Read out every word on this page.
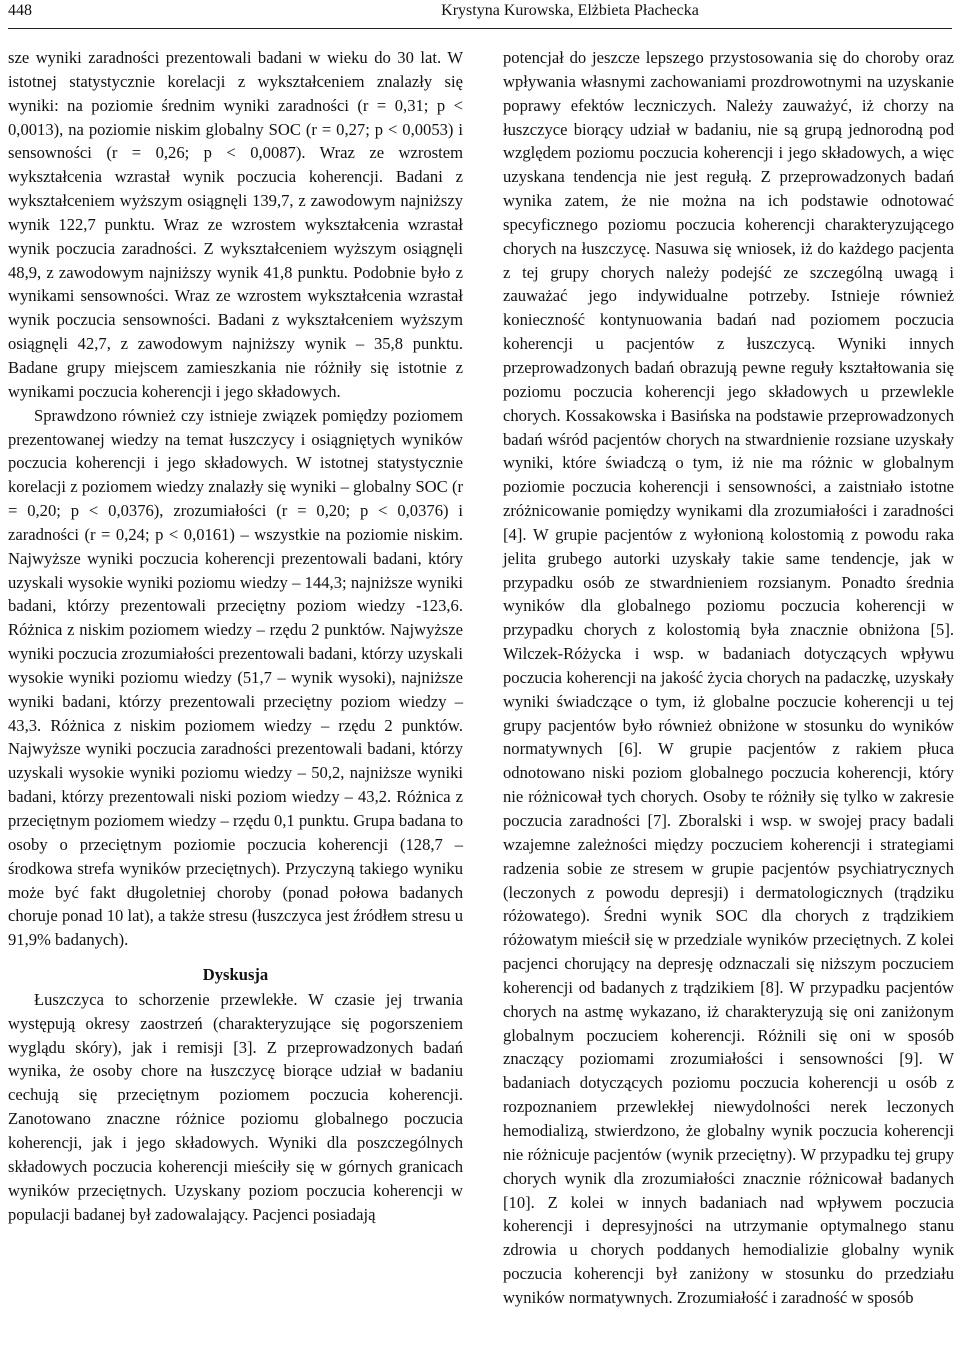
448	Krystyna Kurowska, Elżbieta Płachecka

sze wyniki zaradności prezentowali badani w wieku do 30 lat. W istotnej statystycznie korelacji z wykształceniem znalazły się wyniki: na poziomie średnim wyniki zaradności (r = 0,31; p < 0,0013), na poziomie niskim globalny SOC (r = 0,27; p < 0,0053) i sensowności (r = 0,26; p < 0,0087). Wraz ze wzrostem wykształcenia wzrastał wynik poczucia koherencji. Badani z wykształceniem wyższym osiągnęli 139,7, z zawodowym najniższy wynik 122,7 punktu. Wraz ze wzrostem wykształcenia wzrastał wynik poczucia zaradności. Z wykształceniem wyższym osiągnęli 48,9, z zawodowym najniższy wynik 41,8 punktu. Podobnie było z wynikami sensowności. Wraz ze wzrostem wykształcenia wzrastał wynik poczucia sensowności. Badani z wykształceniem wyższym osiągnęli 42,7, z zawodowym najniższy wynik – 35,8 punktu. Badane grupy miejscem zamieszkania nie różniły się istotnie z wynikami poczucia koherencji i jego składowych.

Sprawdzono również czy istnieje związek pomiędzy poziomem prezentowanej wiedzy na temat łuszczycy i osiągniętych wyników poczucia koherencji i jego składowych. W istotnej statystycznie korelacji z poziomem wiedzy znalazły się wyniki – globalny SOC (r = 0,20; p < 0,0376), zrozumiałości (r = 0,20; p < 0,0376) i zaradności (r = 0,24; p < 0,0161) – wszystkie na poziomie niskim. Najwyższe wyniki poczucia koherencji prezentowali badani, który uzyskali wysokie wyniki poziomu wiedzy – 144,3; najniższe wyniki badani, którzy prezentowali przeciętny poziom wiedzy -123,6. Różnica z niskim poziomem wiedzy – rzędu 2 punktów. Najwyższe wyniki poczucia zrozumiałości prezentowali badani, którzy uzyskali wysokie wyniki poziomu wiedzy (51,7 – wynik wysoki), najniższe wyniki badani, którzy prezentowali przeciętny poziom wiedzy – 43,3. Różnica z niskim poziomem wiedzy – rzędu 2 punktów. Najwyższe wyniki poczucia zaradności prezentowali badani, którzy uzyskali wysokie wyniki poziomu wiedzy – 50,2, najniższe wyniki badani, którzy prezentowali niski poziom wiedzy – 43,2. Różnica z przeciętnym poziomem wiedzy – rzędu 0,1 punktu. Grupa badana to osoby o przeciętnym poziomie poczucia koherencji (128,7 – środkowa strefa wyników przeciętnych). Przyczyną takiego wyniku może być fakt długoletniej choroby (ponad połowa badanych choruje ponad 10 lat), a także stresu (łuszczyca jest źródłem stresu u 91,9% badanych).

Dyskusja

Łuszczyca to schorzenie przewlekłe. W czasie jej trwania występują okresy zaostrzeń (charakteryzujące się pogorszeniem wyglądu skóry), jak i remisji [3]. Z przeprowadzonych badań wynika, że osoby chore na łuszczycę biorące udział w badaniu cechują się przeciętnym poziomem poczucia koherencji. Zanotowano znaczne różnice poziomu globalnego poczucia koherencji, jak i jego składowych. Wyniki dla poszczególnych składowych poczucia koherencji mieściły się w górnych granicach wyników przeciętnych. Uzyskany poziom poczucia koherencji w populacji badanej był zadowalający. Pacjenci posiadają

potencjał do jeszcze lepszego przystosowania się do choroby oraz wpływania własnymi zachowaniami prozdrowotnymi na uzyskanie poprawy efektów leczniczych. Należy zauważyć, iż chorzy na łuszczyce biorący udział w badaniu, nie są grupą jednorodną pod względem poziomu poczucia koherencji i jego składowych, a więc uzyskana tendencja nie jest regułą. Z przeprowadzonych badań wynika zatem, że nie można na ich podstawie odnotować specyficznego poziomu poczucia koherencji charakteryzującego chorych na łuszczycę. Nasuwa się wniosek, iż do każdego pacjenta z tej grupy chorych należy podejść ze szczególną uwagą i zauważać jego indywidualne potrzeby. Istnieje również konieczność kontynuowania badań nad poziomem poczucia koherencji u pacjentów z łuszczycą. Wyniki innych przeprowadzonych badań obrazują pewne reguły kształtowania się poziomu poczucia koherencji jego składowych u przewlekle chorych. Kossakowska i Basińska na podstawie przeprowadzonych badań wśród pacjentów chorych na stwardnienie rozsiane uzyskały wyniki, które świadczą o tym, iż nie ma różnic w globalnym poziomie poczucia koherencji i sensowności, a zaistniało istotne zróżnicowanie pomiędzy wynikami dla zrozumiałości i zaradności [4]. W grupie pacjentów z wyłonioną kolostomią z powodu raka jelita grubego autorki uzyskały takie same tendencje, jak w przypadku osób ze stwardnieniem rozsianym. Ponadto średnia wyników dla globalnego poziomu poczucia koherencji w przypadku chorych z kolostomią była znacznie obniżona [5]. Wilczek-Różycka i wsp. w badaniach dotyczących wpływu poczucia koherencji na jakość życia chorych na padaczkę, uzyskały wyniki świadczące o tym, iż globalne poczucie koherencji u tej grupy pacjentów było również obniżone w stosunku do wyników normatywnych [6]. W grupie pacjentów z rakiem płuca odnotowano niski poziom globalnego poczucia koherencji, który nie różnicował tych chorych. Osoby te różniły się tylko w zakresie poczucia zaradności [7]. Zboralski i wsp. w swojej pracy badali wzajemne zależności między poczuciem koherencji i strategiami radzenia sobie ze stresem w grupie pacjentów psychiatrycznych (leczonych z powodu depresji) i dermatologicznych (trądziku różowatego). Średni wynik SOC dla chorych z trądzikiem różowatym mieścił się w przedziale wyników przeciętnych. Z kolei pacjenci chorujący na depresję odznaczali się niższym poczuciem koherencji od badanych z trądzikiem [8]. W przypadku pacjentów chorych na astmę wykazano, iż charakteryzują się oni zaniżonym globalnym poczuciem koherencji. Różnili się oni w sposób znaczący poziomami zrozumiałości i sensowności [9]. W badaniach dotyczących poziomu poczucia koherencji u osób z rozpoznaniem przewlekłej niewydolności nerek leczonych hemodializą, stwierdzono, że globalny wynik poczucia koherencji nie różnicuje pacjentów (wynik przeciętny). W przypadku tej grupy chorych wynik dla zrozumiałości znacznie różnicował badanych [10]. Z kolei w innych badaniach nad wpływem poczucia koherencji i depresyjności na utrzymanie optymalnego stanu zdrowia u chorych poddanych hemodializie globalny wynik poczucia koherencji był zaniżony w stosunku do przedziału wyników normatywnych. Zrozumiałość i zaradność w sposób
